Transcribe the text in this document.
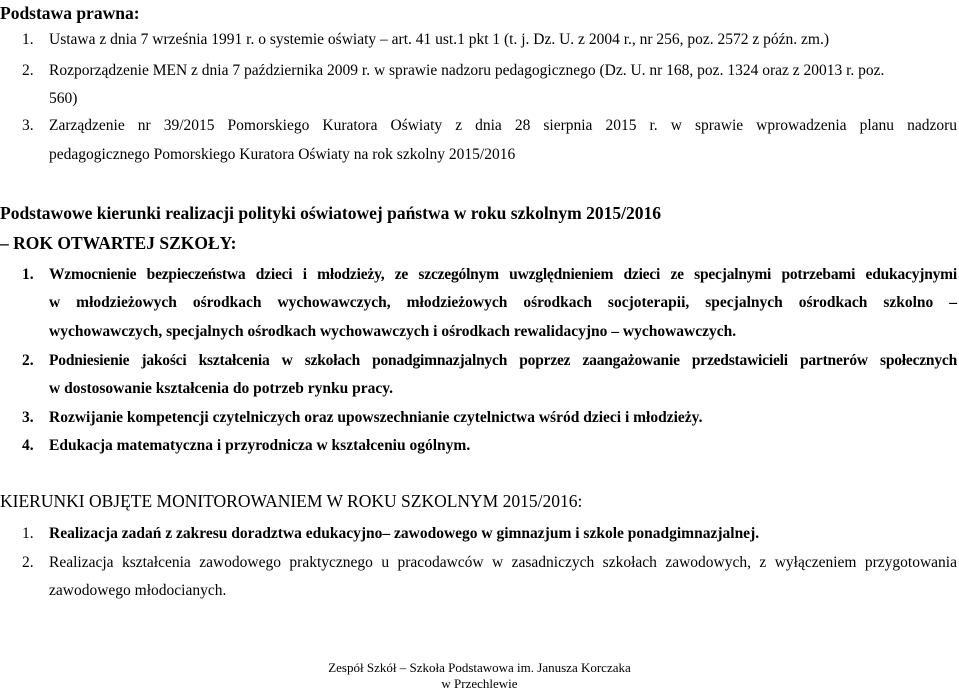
Podstawa prawna:
1. Ustawa z dnia 7 września 1991 r. o systemie oświaty – art. 41 ust.1 pkt 1 (t. j. Dz. U. z 2004 r., nr 256, poz. 2572 z późn. zm.)
2. Rozporządzenie MEN z dnia 7 października 2009 r. w sprawie nadzoru pedagogicznego (Dz. U. nr 168, poz. 1324 oraz z 20013 r. poz.
560)
3. Zarządzenie nr 39/2015 Pomorskiego Kuratora Oświaty z dnia 28 sierpnia 2015 r. w sprawie wprowadzenia planu nadzoru
pedagogicznego Pomorskiego Kuratora Oświaty na rok szkolny 2015/2016
Podstawowe kierunki realizacji polityki oświatowej państwa w roku szkolnym 2015/2016
– ROK OTWARTEJ SZKOŁY:
1. Wzmocnienie bezpieczeństwa dzieci i młodzieży, ze szczególnym uwzględnieniem dzieci ze specjalnymi potrzebami edukacyjnymi
w młodzieżowych ośrodkach wychowawczych, młodzieżowych ośrodkach socjoterapii, specjalnych ośrodkach szkolno –
wychowawczych, specjalnych ośrodkach wychowawczych i ośrodkach rewalidacyjno – wychowawczych.
2. Podniesienie jakości kształcenia w szkołach ponadgimnazjalnych poprzez zaangażowanie przedstawicieli partnerów społecznych
w dostosowanie kształcenia do potrzeb rynku pracy.
3. Rozwijanie kompetencji czytelniczych oraz upowszechnianie czytelnictwa wśród dzieci i młodzieży.
4. Edukacja matematyczna i przyrodnicza w kształceniu ogólnym.
KIERUNKI OBJĘTE MONITOROWANIEM W ROKU SZKOLNYM 2015/2016:
1. Realizacja zadań z zakresu doradztwa edukacyjno– zawodowego w gimnazjum i szkole ponadgimnazjalnej.
2. Realizacja kształcenia zawodowego praktycznego u pracodawców w zasadniczych szkołach zawodowych, z wyłączeniem przygotowania
zawodowego młodocianych.
Zespół Szkół – Szkoła Podstawowa im. Janusza Korczaka
w Przechlewie
